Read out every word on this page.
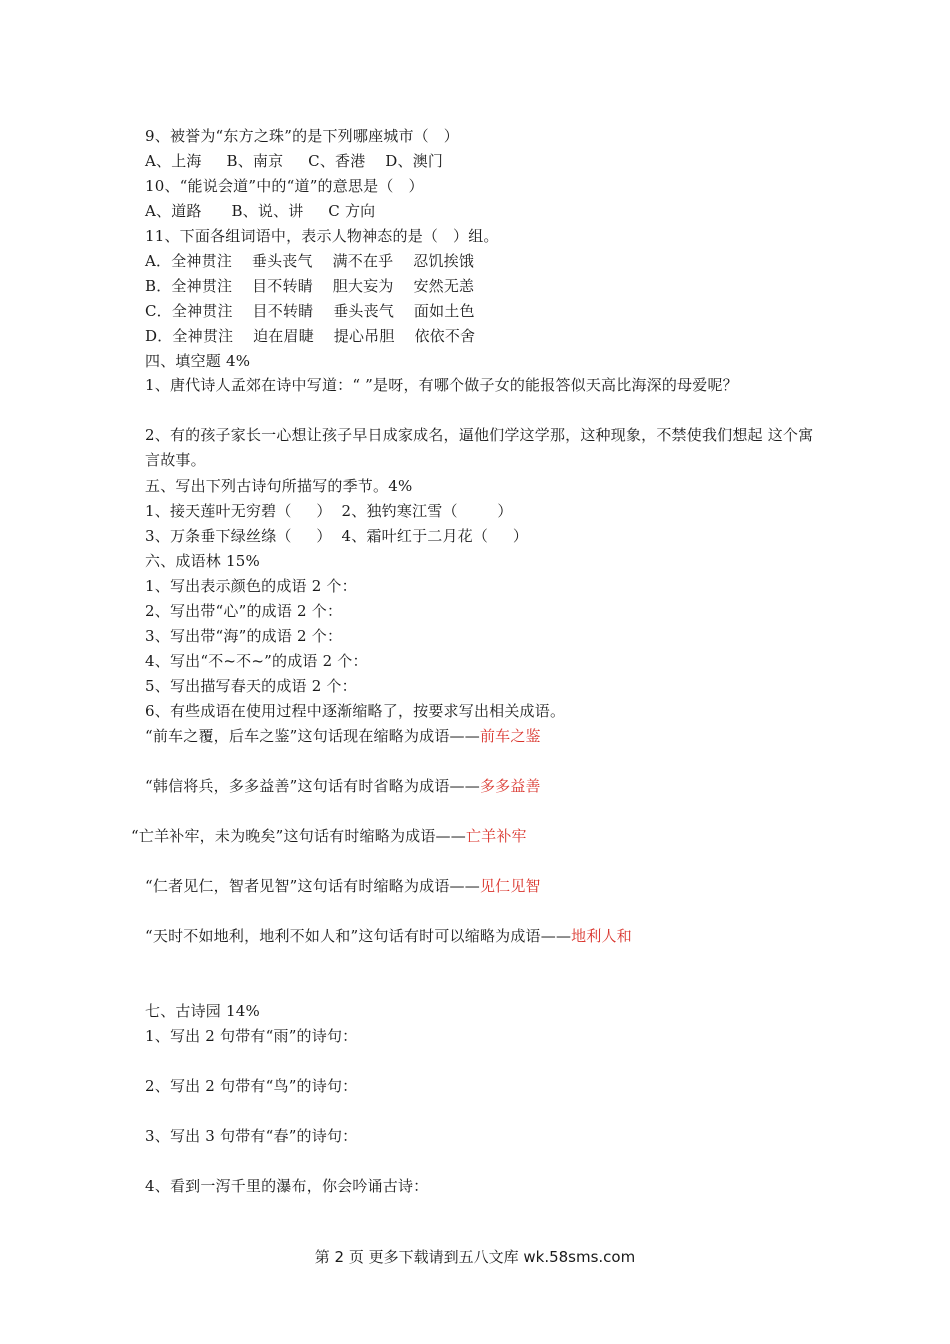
9、被誉为“东方之珠”的是下列哪座城市（   ）
A、上海     B、南京     C、香港    D、澳门
10、“能说会道”中的“道”的意思是（   ）
A、道路      B、说、讲     C 方向
11、下面各组词语中，表示人物神态的是（   ）组。
A．全神贯注    垂头丧气    满不在乎    忍饥挨饿
B．全神贯注    目不转睛    胆大妄为    安然无恙
C．全神贯注    目不转睛    垂头丧气    面如土色
D．全神贯注    迫在眉睫    提心吊胆    依依不舍
四、填空题 4%
1、唐代诗人孟郊在诗中写道：“ ”是呀，有哪个做子女的能报答似天高比海深的母爱呢？
2、有的孩子家长一心想让孩子早日成家成名，逼他们学这学那，这种现象，不禁使我们想起 这个寓言故事。
五、写出下列古诗句所描写的季节。4%
1、接天莲叶无穷碧（     ）  2、独钓寒江雪（        ）
3、万条垂下绿丝绦（     ）  4、霜叶红于二月花（     ）
六、成语林 15%
1、写出表示颜色的成语 2 个：
2、写出带“心”的成语 2 个：
3、写出带“海”的成语 2 个：
4、写出“不~不~”的成语 2 个：
5、写出描写春天的成语 2 个：
6、有些成语在使用过程中逐渐缩略了，按要求写出相关成语。
“前车之覆，后车之鉴”这句话现在缩略为成语——前车之鉴
“韩信将兵，多多益善”这句话有时省略为成语——多多益善
“亡羊补牢，未为晚矣”这句话有时缩略为成语——亡羊补牢
“仁者见仁，智者见智”这句话有时缩略为成语——见仁见智
“天时不如地利，地利不如人和”这句话有时可以缩略为成语——地利人和
七、古诗园 14%
1、写出 2 句带有“雨”的诗句：
2、写出 2 句带有“鸟”的诗句：
3、写出 3 句带有“春”的诗句：
4、看到一泻千里的瀑布，你会吟诵古诗：
第 2 页 更多下载请到五八文库 wk.58sms.com
